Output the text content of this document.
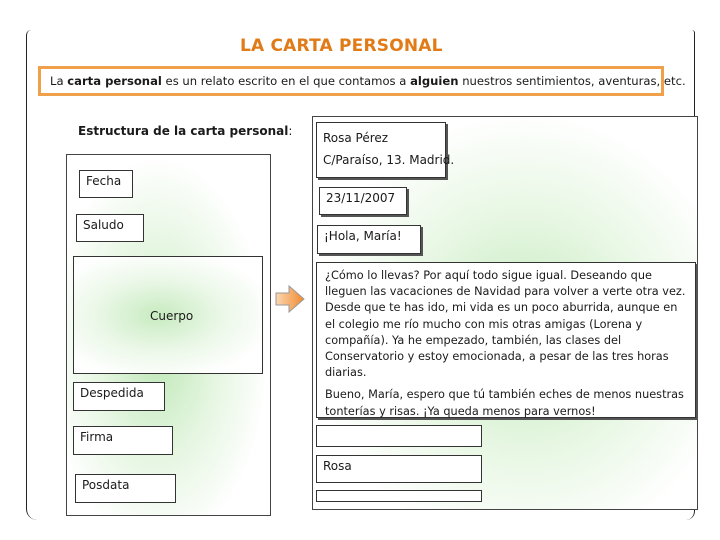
LA CARTA PERSONAL
La carta personal es un relato escrito en el que contamos a alguien nuestros sentimientos, aventuras, etc.
Estructura de la carta personal:
Fecha
Saludo
Cuerpo
Despedida
Firma
Posdata
Rosa Pérez
C/Paraíso, 13. Madrid.
23/11/2007
¡Hola, María!

¿Cómo lo llevas? Por aquí todo sigue igual. Deseando que lleguen las vacaciones de Navidad para volver a verte otra vez. Desde que te has ido, mi vida es un poco aburrida, aunque en el colegio me río mucho con mis otras amigas (Lorena y compañía). Ya he empezado, también, las clases del Conservatorio y estoy emocionada, a pesar de las tres horas diarias.

Bueno, María, espero que tú también eches de menos nuestras tonterías y risas. ¡Ya queda menos para vernos!

Rosa
